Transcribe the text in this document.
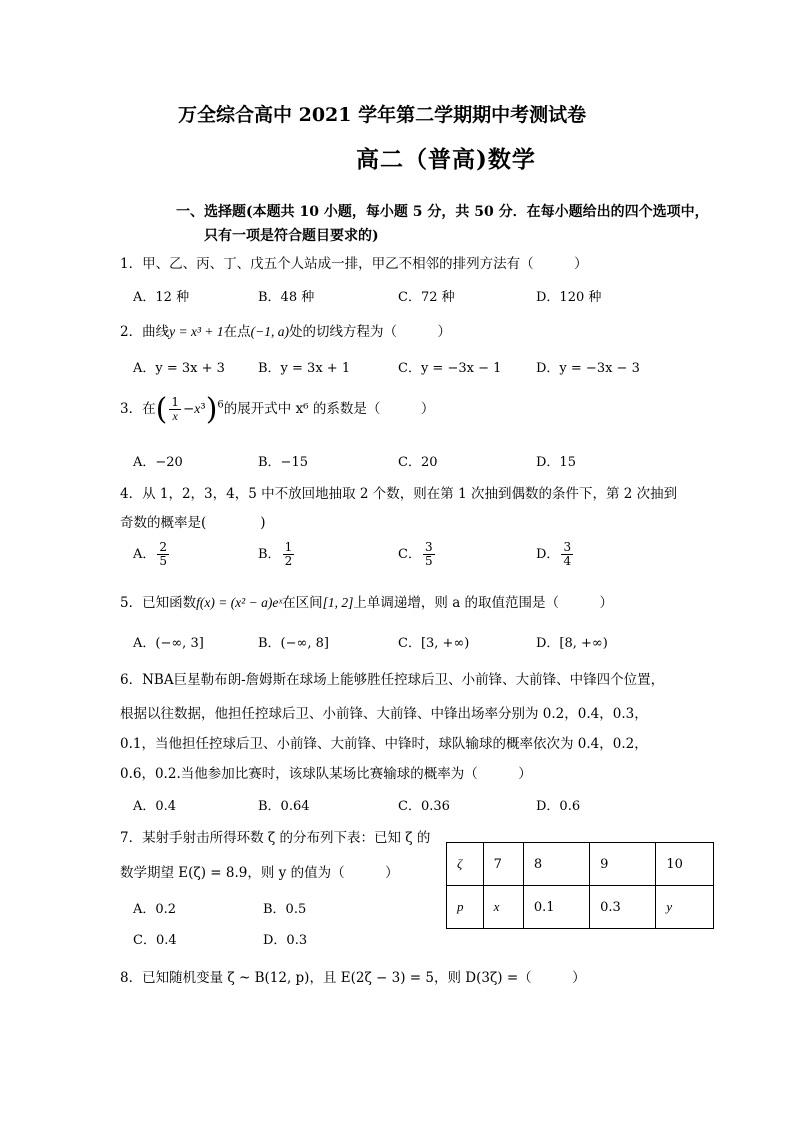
万全综合高中 2021 学年第二学期期中考测试卷
高二（普高)数学
一、选择题(本题共 10 小题，每小题 5 分，共 50 分．在每小题给出的四个选项中，
只有一项是符合题目要求的)
1．甲、乙、丙、丁、戊五个人站成一排，甲乙不相邻的排列方法有（　　　）
A．12 种	B．48 种	C．72 种	D．120 种
2．曲线y = x³ + 1在点(−1, a)处的切线方程为（　　　）
A．y = 3x + 3	B．y = 3x + 1	C．y = −3x − 1	D．y = −3x − 3
3．在( $\frac{1}{x} -x^3)^6$的展开式中 x⁶ 的系数是（　　　）
A．−20	B．−15	C．20	D．15
4．从 1，2，3，4，5 中不放回地抽取 2 个数，则在第 1 次抽到偶数的条件下，第 2 次抽到
奇数的概率是(　　　　)
A． $\frac{2}{5}$	B． $\frac{1}{2}$	C． $\frac{3}{5}$	D． $\frac{3}{4}$
5．已知函数f(x) = (x² − a)eˣ在区间[1, 2]上单调递增，则 a 的取值范围是（　　　）
A．(−∞, 3]	B．(−∞, 8]	C．[3, +∞)	D．[8, +∞)
6．NBA巨星勒布朗-詹姆斯在球场上能够胜任控球后卫、小前锋、大前锋、中锋四个位置，
根据以往数据，他担任控球后卫、小前锋、大前锋、中锋出场率分别为 0.2，0.4，0.3，
0.1，当他担任控球后卫、小前锋、大前锋、中锋时，球队输球的概率依次为 0.4，0.2，
0.6，0.2.当他参加比赛时，该球队某场比赛输球的概率为（　　　）
A．0.4	B．0.64	C．0.36	D．0.6
7．某射手射击所得环数 ζ 的分布列下表：已知 ζ 的
数学期望 E(ζ) = 8.9，则 y 的值为（　　　）
A．0.2	B．0.5
C．0.4	D．0.3
ζ	7	8	9	10
p	x	0.1	0.3	y
8．已知随机变量 ζ ~ B(12, p)，且 E(2ζ − 3) = 5，则 D(3ζ) =（　　　）
